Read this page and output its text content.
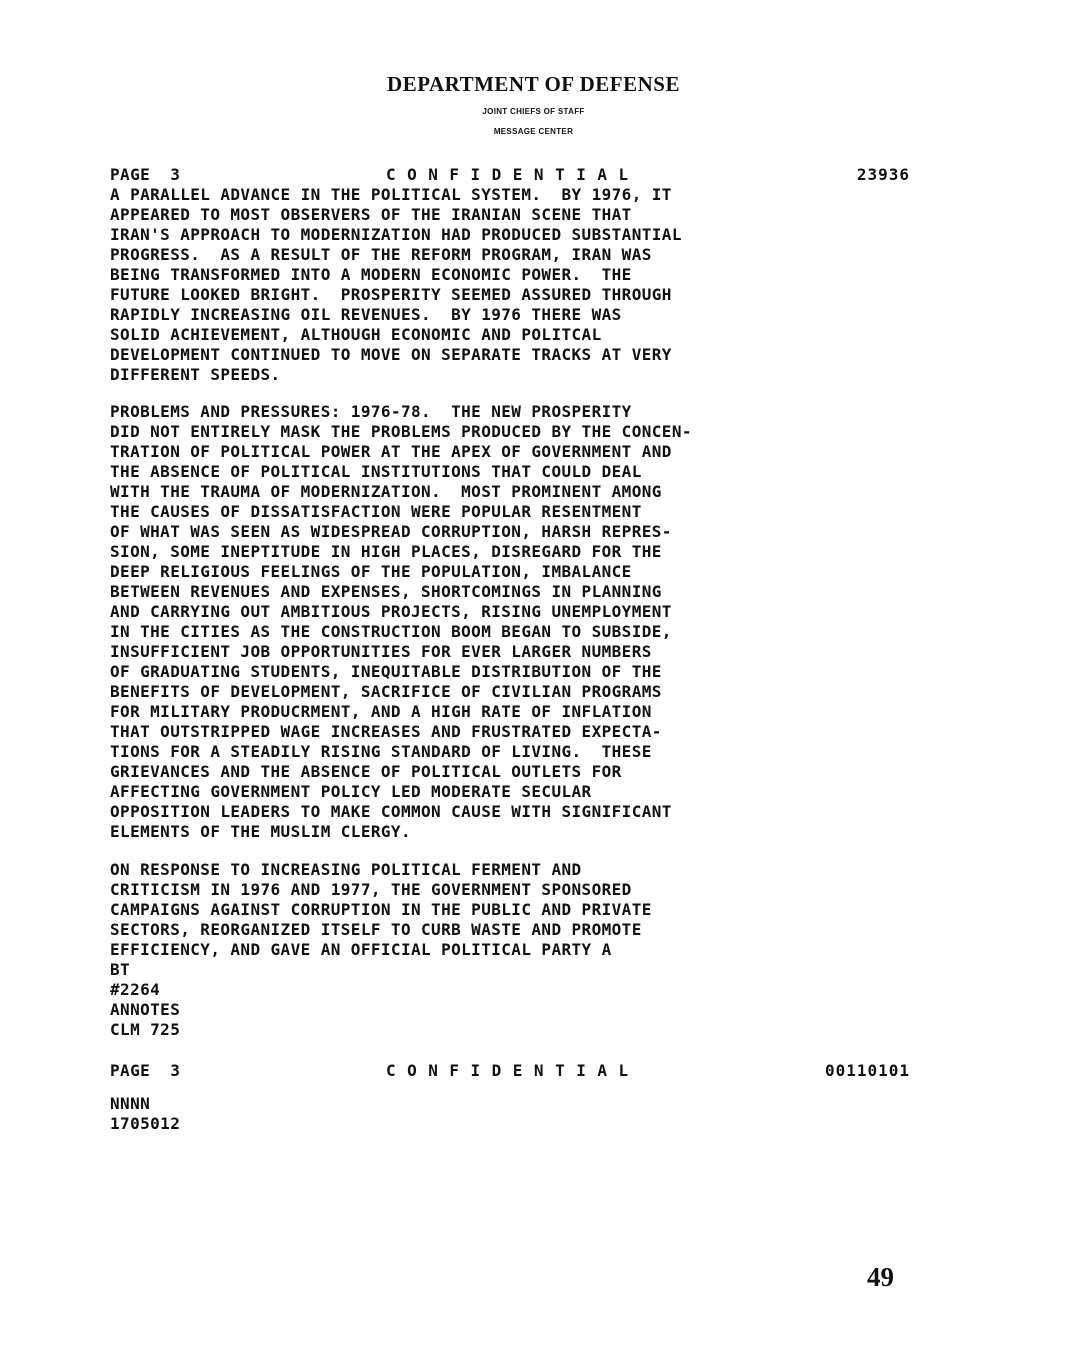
DEPARTMENT OF DEFENSE
JOINT CHIEFS OF STAFF
MESSAGE CENTER
PAGE  3	CONFIDENTIAL	23936
A PARALLEL ADVANCE IN THE POLITICAL SYSTEM.  BY 1976, IT
APPEARED TO MOST OBSERVERS OF THE IRANIAN SCENE THAT
IRAN'S APPROACH TO MODERNIZATION HAD PRODUCED SUBSTANTIAL
PROGRESS.  AS A RESULT OF THE REFORM PROGRAM, IRAN WAS
BEING TRANSFORMED INTO A MODERN ECONOMIC POWER.  THE
FUTURE LOOKED BRIGHT.  PROSPERITY SEEMED ASSURED THROUGH
RAPIDLY INCREASING OIL REVENUES.  BY 1976 THERE WAS
SOLID ACHIEVEMENT, ALTHOUGH ECONOMIC AND POLITCAL
DEVELOPMENT CONTINUED TO MOVE ON SEPARATE TRACKS AT VERY
DIFFERENT SPEEDS.
PROBLEMS AND PRESSURES: 1976-78.  THE NEW PROSPERITY
DID NOT ENTIRELY MASK THE PROBLEMS PRODUCED BY THE CONCEN-
TRATION OF POLITICAL POWER AT THE APEX OF GOVERNMENT AND
THE ABSENCE OF POLITICAL INSTITUTIONS THAT COULD DEAL
WITH THE TRAUMA OF MODERNIZATION.  MOST PROMINENT AMONG
THE CAUSES OF DISSATISFACTION WERE POPULAR RESENTMENT
OF WHAT WAS SEEN AS WIDESPREAD CORRUPTION, HARSH REPRES-
SION, SOME INEPTITUDE IN HIGH PLACES, DISREGARD FOR THE
DEEP RELIGIOUS FEELINGS OF THE POPULATION, IMBALANCE
BETWEEN REVENUES AND EXPENSES, SHORTCOMINGS IN PLANNING
AND CARRYING OUT AMBITIOUS PROJECTS, RISING UNEMPLOYMENT
IN THE CITIES AS THE CONSTRUCTION BOOM BEGAN TO SUBSIDE,
INSUFFICIENT JOB OPPORTUNITIES FOR EVER LARGER NUMBERS
OF GRADUATING STUDENTS, INEQUITABLE DISTRIBUTION OF THE
BENEFITS OF DEVELOPMENT, SACRIFICE OF CIVILIAN PROGRAMS
FOR MILITARY PRODUCRMENT, AND A HIGH RATE OF INFLATION
THAT OUTSTRIPPED WAGE INCREASES AND FRUSTRATED EXPECTA-
TIONS FOR A STEADILY RISING STANDARD OF LIVING.  THESE
GRIEVANCES AND THE ABSENCE OF POLITICAL OUTLETS FOR
AFFECTING GOVERNMENT POLICY LED MODERATE SECULAR
OPPOSITION LEADERS TO MAKE COMMON CAUSE WITH SIGNIFICANT
ELEMENTS OF THE MUSLIM CLERGY.
ON RESPONSE TO INCREASING POLITICAL FERMENT AND
CRITICISM IN 1976 AND 1977, THE GOVERNMENT SPONSORED
CAMPAIGNS AGAINST CORRUPTION IN THE PUBLIC AND PRIVATE
SECTORS, REORGANIZED ITSELF TO CURB WASTE AND PROMOTE
EFFICIENCY, AND GAVE AN OFFICIAL POLITICAL PARTY A
BT
#2264
ANNOTES
CLM 725
PAGE  3	CONFIDENTIAL	00110101
NNNN
1705012
49
